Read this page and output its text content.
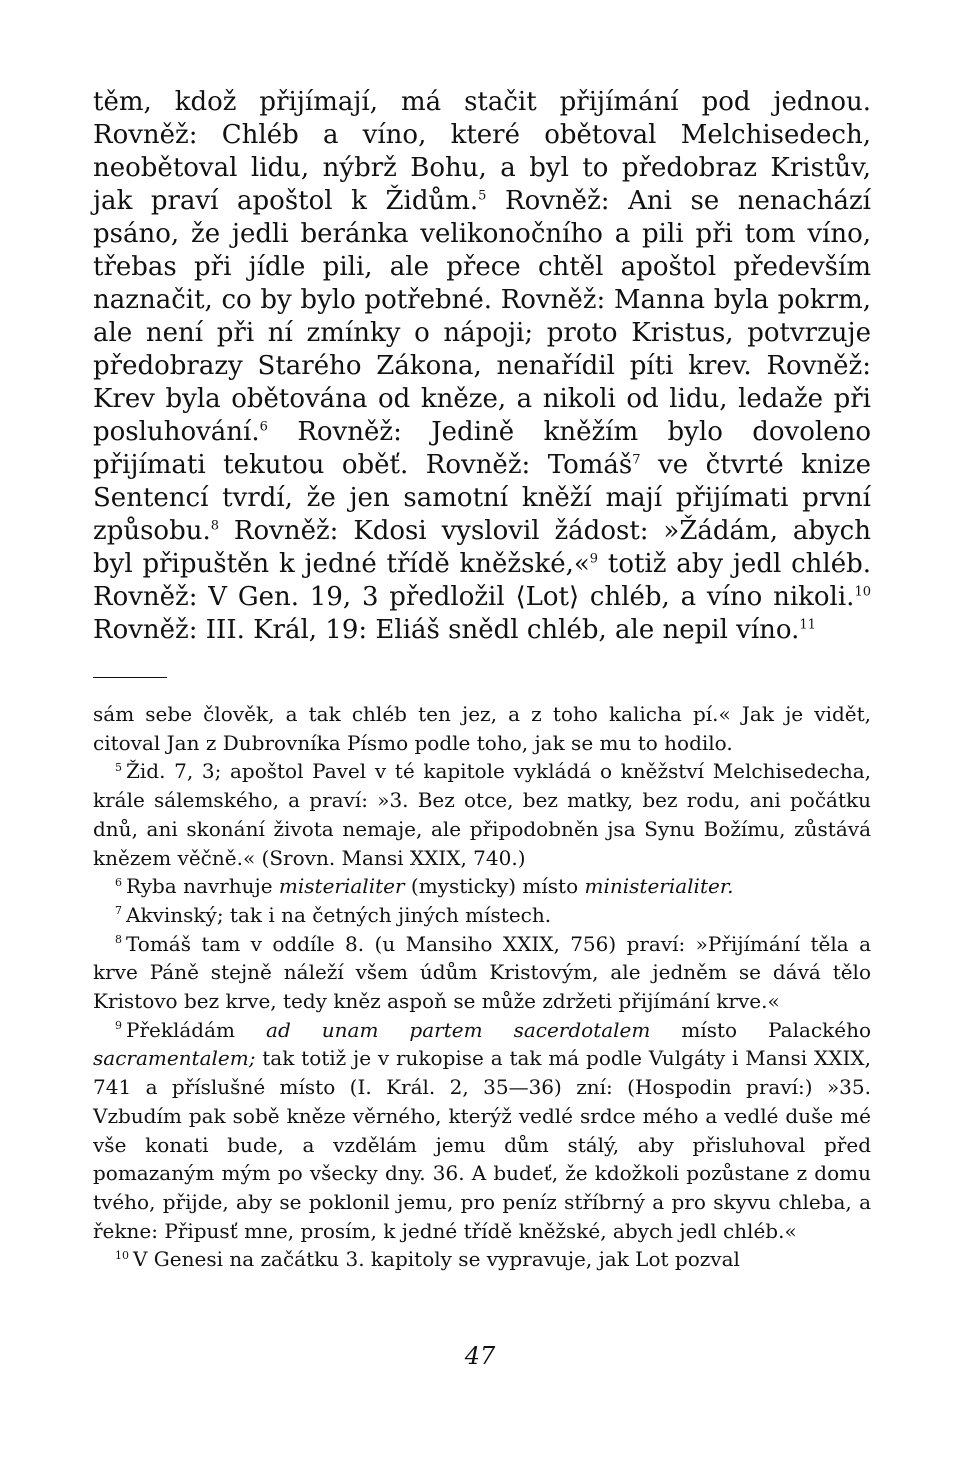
těm, kdož přijímají, má stačit přijímání pod jednou. Rovněž: Chléb a víno, které obětoval Melchisedech, neobětoval lidu, nýbrž Bohu, a byl to předobraz Kristův, jak praví apoštol k Židům.$^5$ Rovněž: Ani se nenachází psáno, že jedli beránka velikonočního a pili při tom víno, třebas při jídle pili, ale přece chtěl apoštol především naznačit, co by bylo potřebné. Rovněž: Manna byla pokrm, ale není při ní zmínky o nápoji; proto Kristus, potvrzuje předobrazy Starého Zákona, nenařídil píti krev. Rovněž: Krev byla obětována od kněze, a nikoli od lidu, ledaže při posluhování.$^6$ Rovněž: Jedině kněžím bylo dovoleno přijímati tekutou oběť. Rovněž: Tomáš$^7$ ve čtvrté knize Sentencí tvrdí, že jen samotní kněží mají přijímati první způsobu.$^8$ Rovněž: Kdosi vyslovil žádost: »Žádám, abych byl připuštěn k jedné třídě kněžské,«$^9$ totiž aby jedl chléb. Rovněž: V Gen. 19, 3 předložil ⟨Lot⟩ chléb, a víno nikoli.$^{10}$ Rovněž: III. Král, 19: Eliáš snědl chléb, ale nepil víno.$^{11}$

sám sebe člověk, a tak chléb ten jez, a z toho kalicha pí.« Jak je vidět, citoval Jan z Dubrovníka Písmo podle toho, jak se mu to hodilo.

$^5$ Žid. 7, 3; apoštol Pavel v té kapitole vykládá o kněžství Melchisedecha, krále sálemského, a praví: »3. Bez otce, bez matky, bez rodu, ani počátku dnů, ani skonání života nemaje, ale připodobněn jsa Synu Božímu, zůstává knězem věčně.« (Srovn. Mansi XXIX, 740.)

$^6$ Ryba navrhuje misterialiter (mysticky) místo ministerialiter.

$^7$ Akvinský; tak i na četných jiných místech.

$^8$ Tomáš tam v oddíle 8. (u Mansiho XXIX, 756) praví: »Přijímání těla a krve Páně stejně náleží všem údům Kristovým, ale jedněm se dává tělo Kristovo bez krve, tedy kněz aspoň se může zdržeti přijímání krve.«

$^9$ Překládám ad unam partem sacerdotalem místo Palackého sacramentalem; tak totiž je v rukopise a tak má podle Vulgáty i Mansi XXIX, 741 a příslušné místo (I. Král. 2, 35—36) zní: (Hospodin praví:) »35. Vzbudím pak sobě kněze věrného, kterýž vedlé srdce mého a vedlé duše mé vše konati bude, a vzdělám jemu dům stálý, aby přisluhoval před pomazaným mým po všecky dny. 36. A budeť, že kdožkoli pozůstane z domu tvého, přijde, aby se poklonil jemu, pro peníz stříbrný a pro skyvu chleba, a řekne: Připusť mne, prosím, k jedné třídě kněžské, abych jedl chléb.«

$^{10}$ V Genesi na začátku 3. kapitoly se vypravuje, jak Lot pozval

47
